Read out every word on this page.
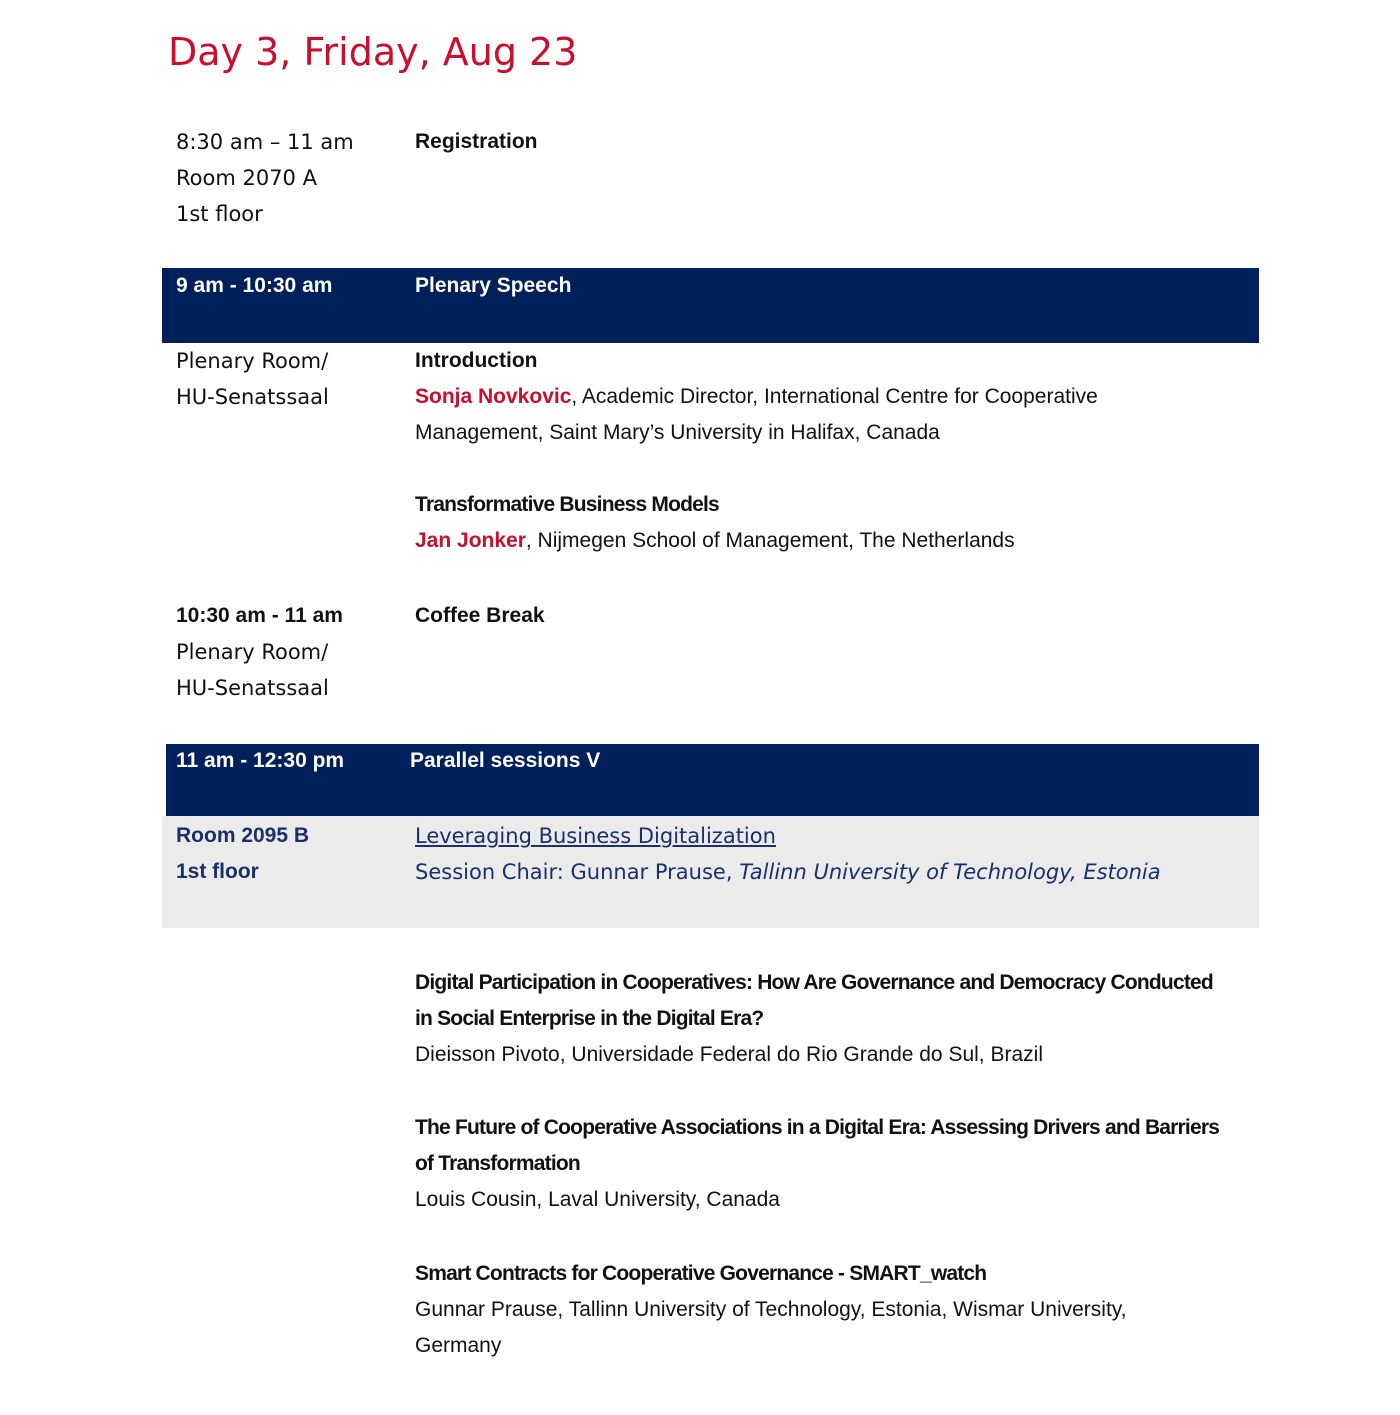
Day 3, Friday, Aug 23
8:30 am – 11 am
Room 2070 A
1st floor
Registration
9 am - 10:30 am	Plenary Speech
Plenary Room/
HU-Senatssaal
Introduction
Sonja Novkovic, Academic Director, International Centre for Cooperative
Management, Saint Mary’s University in Halifax, Canada
Transformative Business Models
Jan Jonker, Nijmegen School of Management, The Netherlands
10:30 am - 11 am
Plenary Room/
HU-Senatssaal
Coffee Break
11 am - 12:30 pm	Parallel sessions V
Room 2095 B
1st floor
Leveraging Business Digitalization
Session Chair: Gunnar Prause, Tallinn University of Technology, Estonia
Digital Participation in Cooperatives: How Are Governance and Democracy Conducted
in Social Enterprise in the Digital Era?
Dieisson Pivoto, Universidade Federal do Rio Grande do Sul, Brazil
The Future of Cooperative Associations in a Digital Era: Assessing Drivers and Barriers
of Transformation
Louis Cousin, Laval University, Canada
Smart Contracts for Cooperative Governance - SMART_watch
Gunnar Prause, Tallinn University of Technology, Estonia, Wismar University,
Germany
